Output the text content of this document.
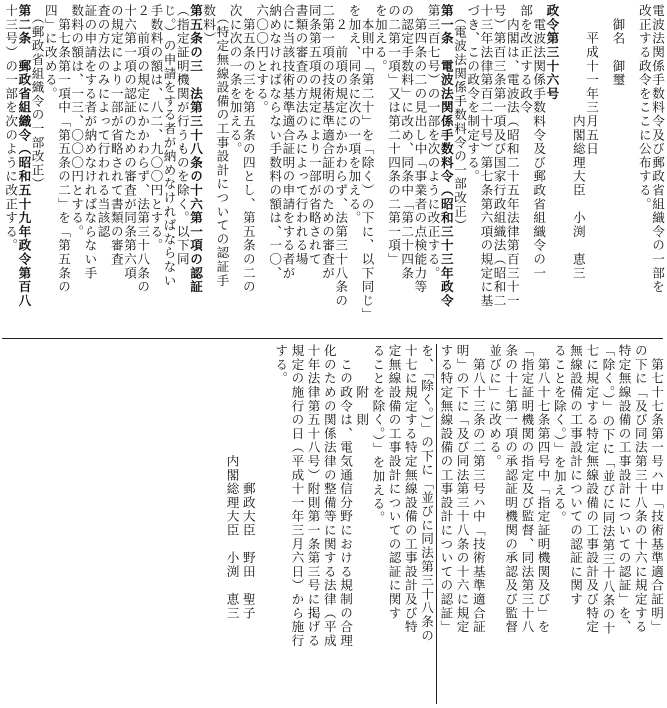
電波法関係手数料令及び郵政省組織令の一部を
改正する政令をここに公布する。
　御名　御璽
　　平成十一年三月五日
　　　　　　　　内閣総理大臣　小渕　恵三
政令第三十六号
　電波法関係手数料令及び郵政省組織令の一
部を改正する政令
　内閣は、電波法（昭和二十五年法律第百三十一
号）第百三条第一項及び国家行政組織法（昭和二
十三年法律第百二十号）第七条第六項の規定に基
づき、この政令を制定する。
　（電波法関係手数料令の一部改正）
第一条　電波法関係手数料令（昭和三十三年政令
第三百七号）の一部を次のように改正する。
　第四条の二の見出し中「事業者の点検能力等
の認定手数料」に改め、同条中「第二十四条
の二第一項」又は第二十四条の二第一項」
を加える。
　本則中「第二十」を「除く）の下に、以下同じ」
を加え、同条に次の一項を加える。
　２　前項の規定にかかわらず、法第三十八条の
二第一項の技術基準適合証明のための審査が
同条第五項の規定により一部が省略されて
書類の審査の方法のみによって行われる場
合に当該技術基準適合証明の申請をする者が
納めなければならない手数料の額は、一〇、
六〇〇円とする。
　第五条の三を第五条の四とし、第五条の二の
次に次の一条を加える。
　（特定無線設備の工事設計についての認証手
数料）
第五条の三　法第三十八条の十六第一項の認証
（指定証明機関が行うものを除く。以下同
じ。）の申請をする者が納めなければならない
手数料の額は、八二、九〇〇円とする。
２　前項の規定にかかわらず、法第三十八条の
十六第一項の認証のための審査が同条第六項
の規定により一部が省略されて書類の審査
査の方法のみによって行われる当該認
証の申請をする者が納めなければならない手
数料の額は、一三、〇〇〇円とする。
　第七条第一項中「第五条の二」を「第五条の
四」に改める。
　（郵政省組織令の一部改正）
第二条　郵政省組織令（昭和五十九年政令第百八
十三号）の一部を次のように改正する。
　第七十七条第一号ハ中「技術基準適合証明」
の下に「及び同法第三十八条の十六に規定する
特定無線設備の工事設計についての認証」を、
「除く。）」の下に「並びに同法第三十八条の十
七に規定する特定無線設備の工事設計及び特定
無線設備の工事設計についての認証に関す
ることを除く。）」を加える。
　第八十七条第四号中「指定証明機関及び」を
「指定証明機関の指定及び監督、同法第三十八
条の十七第一項の承認証明機関の承認及び監督
並びに」に改める。
　第八十三条の二第三号ハ中「技術基準適合証
明」の下に「及び同法第三十八条の十六に規定
する特定無線設備の工事設計についての認証」
を、「除く。）」の下に「並びに同法第三十八条の
十七に規定する特定無線設備の工事設計及び特
定無線設備の工事設計についての認証に関す
ることを除く。）」を加える。
　　　附　則
　この政令は、電気通信分野における規制の合理
化のための関係法律の整備等に関する法律（平成
十年法律第五十八号）附則第一条第三号に掲げる
規定の施行の日（平成十一年三月六日）から施行
する。
　　　　　　　　　　郵政大臣　野田　聖子
　　　　　　　　内閣総理大臣　小渕　恵三
